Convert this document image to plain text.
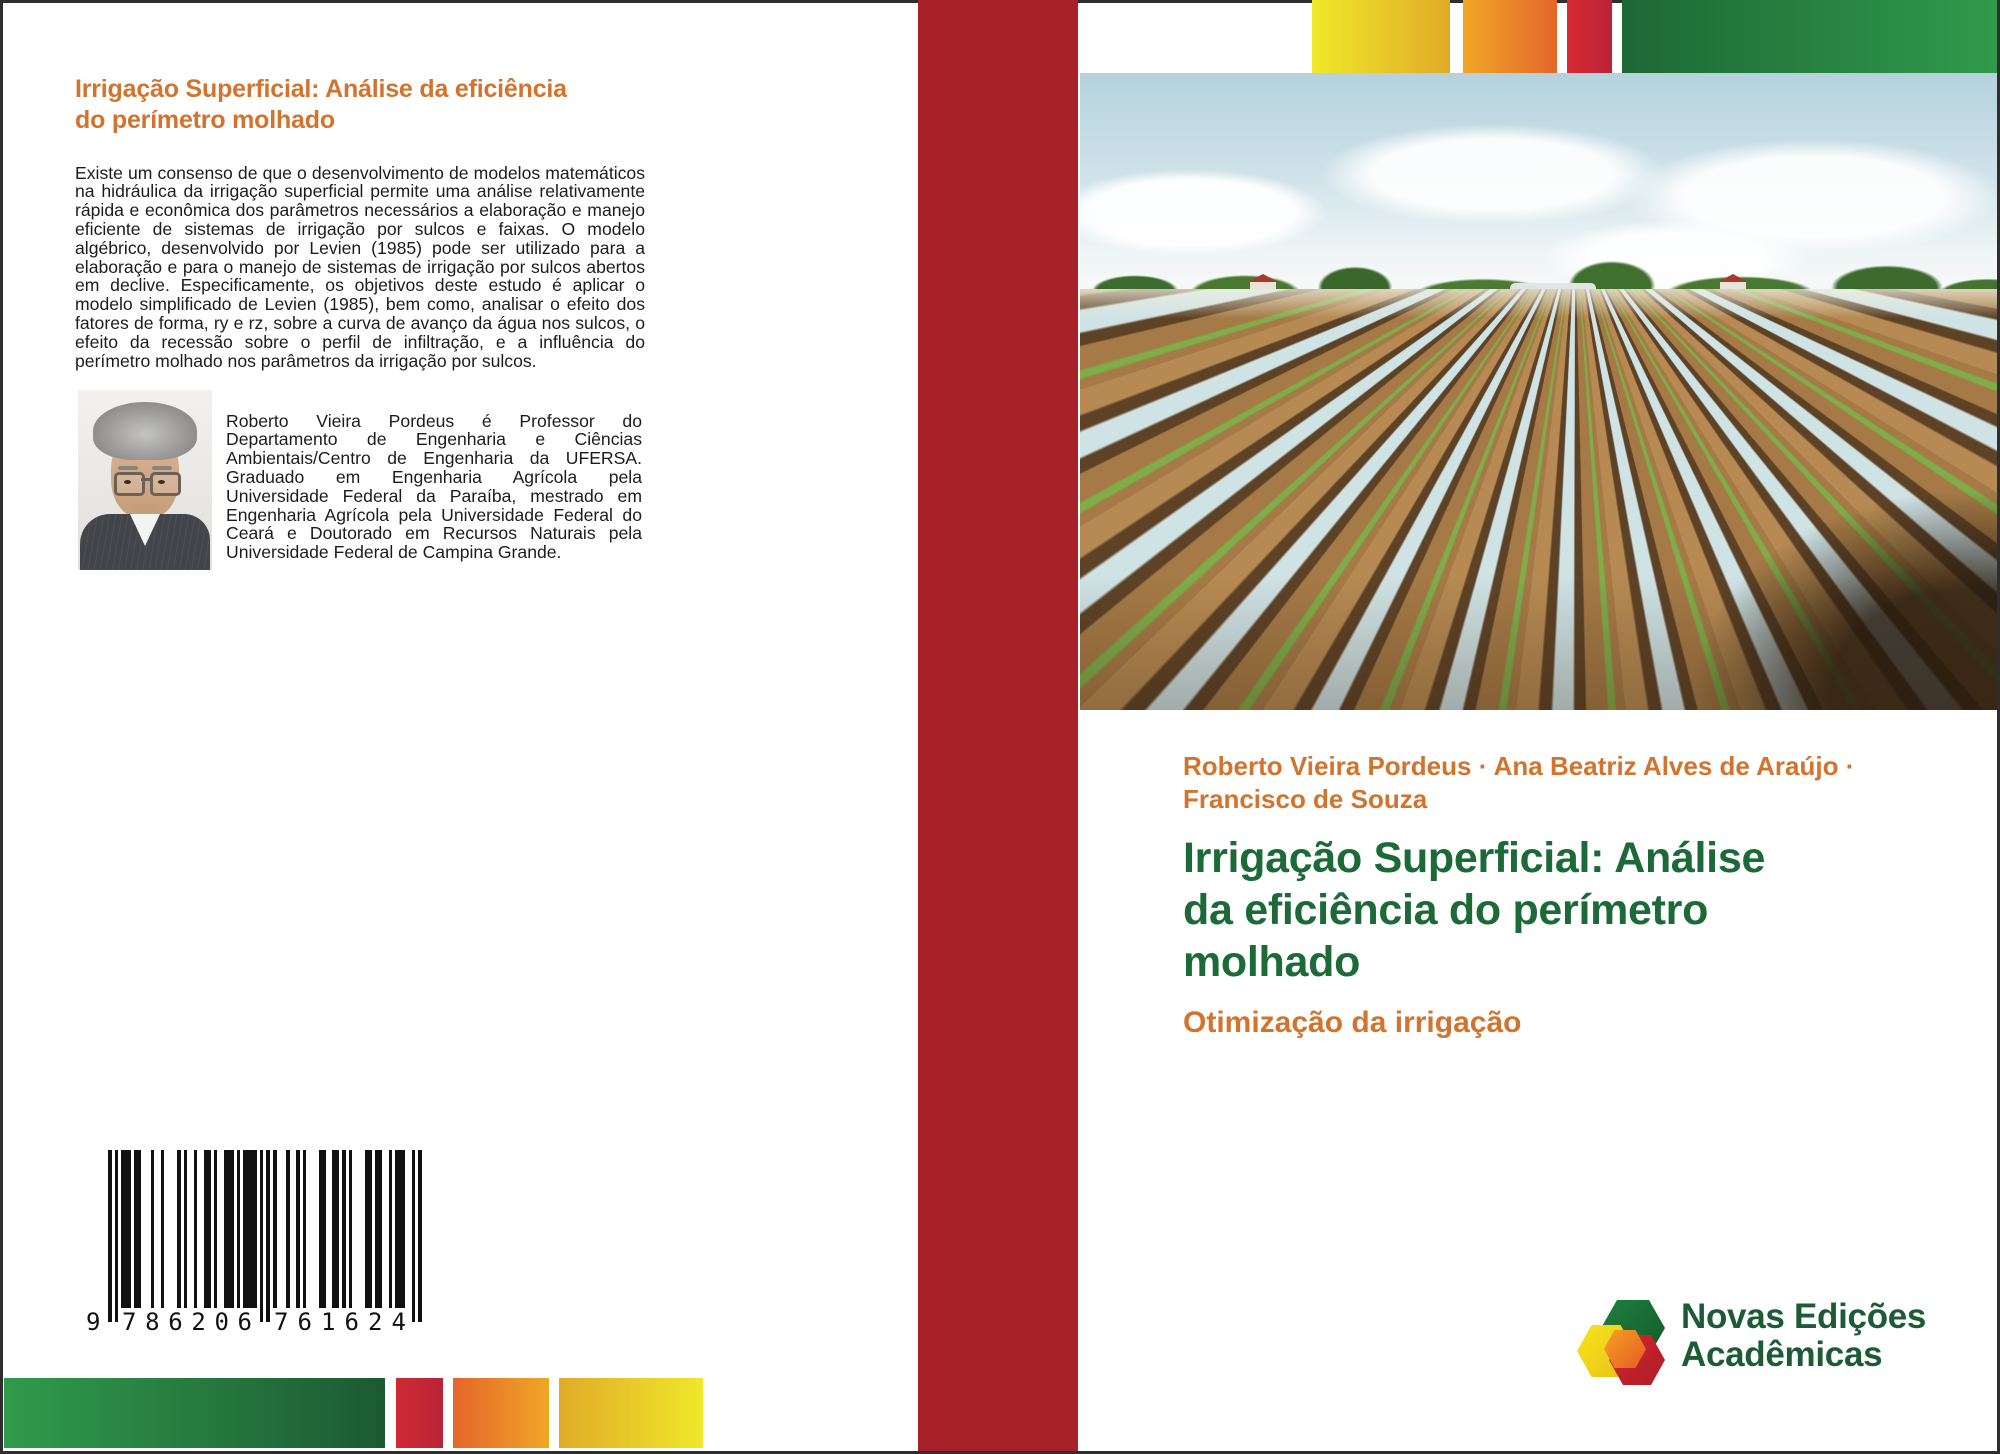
Irrigação Superficial: Análise da eficiência
do perímetro molhado

Existe um consenso de que o desenvolvimento de modelos matemáticos na hidráulica da irrigação superficial permite uma análise relativamente rápida e econômica dos parâmetros necessários a elaboração e manejo eficiente de sistemas de irrigação por sulcos e faixas. O modelo algébrico, desenvolvido por Levien (1985) pode ser utilizado para a elaboração e para o manejo de sistemas de irrigação por sulcos abertos em declive. Especificamente, os objetivos deste estudo é aplicar o modelo simplificado de Levien (1985), bem como, analisar o efeito dos fatores de forma, ry e rz, sobre a curva de avanço da água nos sulcos, o efeito da recessão sobre o perfil de infiltração, e a influência do perímetro molhado nos parâmetros da irrigação por sulcos.

Roberto Vieira Pordeus é Professor do Departamento de Engenharia e Ciências Ambientais/Centro de Engenharia da UFERSA. Graduado em Engenharia Agrícola pela Universidade Federal da Paraíba, mestrado em Engenharia Agrícola pela Universidade Federal do Ceará e Doutorado em Recursos Naturais pela Universidade Federal de Campina Grande.

9 7 8 6 2 0 6 7 6 1 6 2 4
Roberto Vieira Pordeus · Ana Beatriz Alves de Araújo ·
Francisco de Souza
Irrigação Superficial: Análise
da eficiência do perímetro
molhado
Otimização da irrigação
Novas Edições
Acadêmicas
